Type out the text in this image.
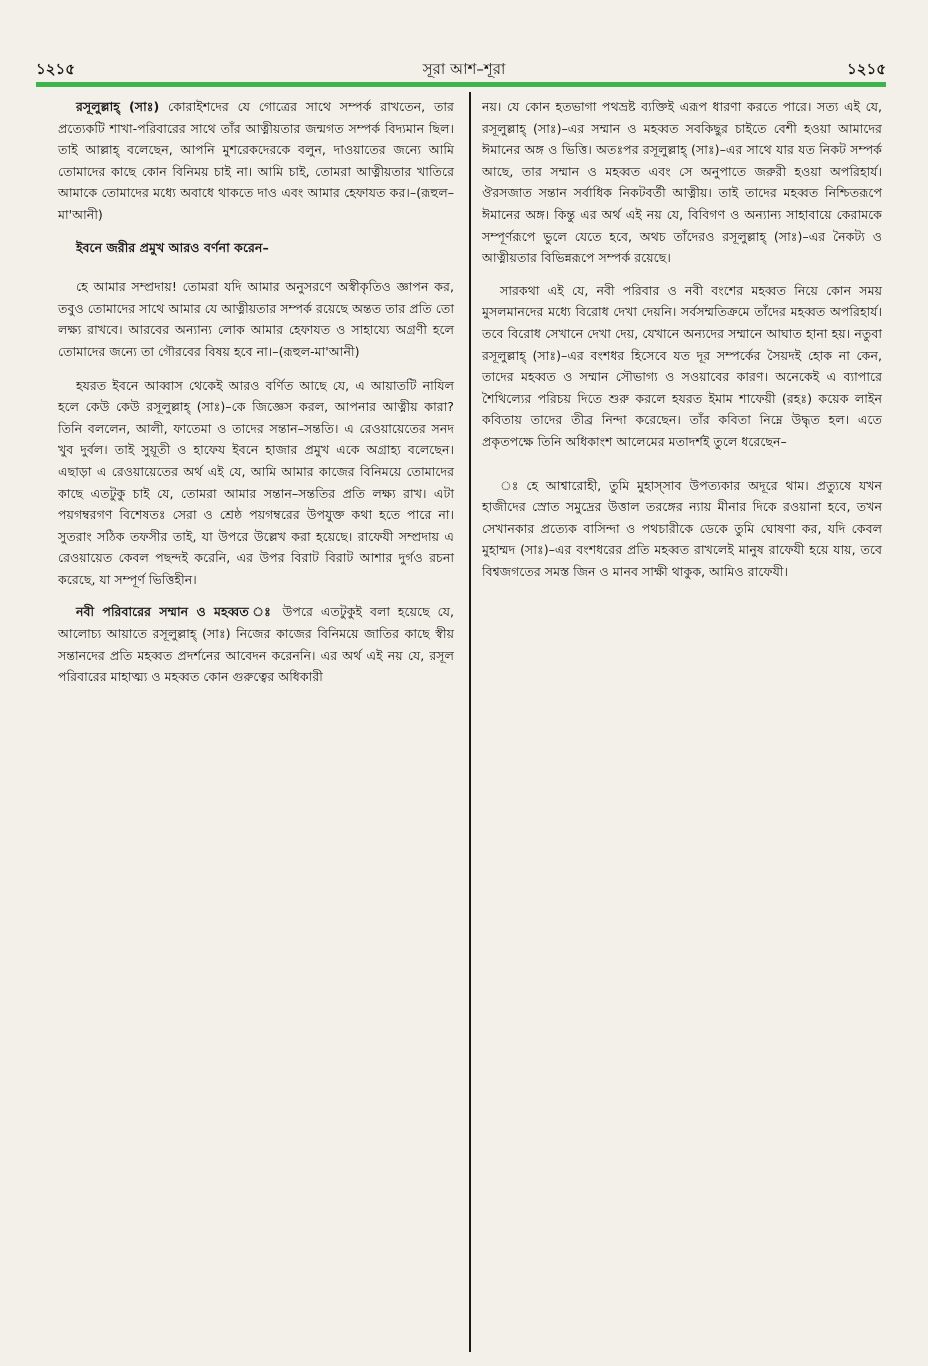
১২১৫	সূরা আশ–শূরা	১২১৫

রসূলুল্লাহ্ (সাঃ) কোরাইশদের যে গোত্রের সাথে সম্পর্ক রাখতেন, তার প্রত্যেকটি শাখা-পরিবারের সাথে তাঁর আত্নীয়তার জন্মগত সম্পর্ক বিদ্যমান ছিল। তাই আল্লাহ্ বলেছেন, আপনি মুশরেকদেরকে বলুন, দাওয়াতের জন্যে আমি তোমাদের কাছে কোন বিনিময় চাই না। আমি চাই, তোমরা আত্নীয়তার খাতিরে আমাকে তোমাদের মধ্যে অবাধে থাকতে দাও এবং আমার হেফাযত কর।–(রূহুল–মা'আনী)

ইবনে জরীর প্রমুখ আরও বর্ণনা করেন–

হে আমার সম্প্রদায়! তোমরা যদি আমার অনুসরণে অস্বীকৃতিও জ্ঞাপন কর, তবুও তোমাদের সাথে আমার যে আত্নীয়তার সম্পর্ক রয়েছে অন্তত তার প্রতি তো লক্ষ্য রাখবে। আরবের অন্যান্য লোক আমার হেফাযত ও সাহায্যে অগ্রণী হলে তোমাদের জন্যে তা গৌরবের বিষয় হবে না।–(রূহুল-মা'আনী)

হযরত ইবনে আব্বাস থেকেই আরও বর্ণিত আছে যে, এ আয়াতটি নাযিল হলে কেউ কেউ রসূলুল্লাহ্ (সাঃ)–কে জিজ্ঞেস করল, আপনার আত্নীয় কারা? তিনি বললেন, আলী, ফাতেমা ও তাদের সন্তান–সন্ততি। এ রেওয়ায়েতের সনদ খুব দুর্বল। তাই সুয়ূতী ও হাফেয ইবনে হাজার প্রমুখ একে অগ্রাহ্য বলেছেন। এছাড়া এ রেওয়ায়েতের অর্থ এই যে, আমি আমার কাজের বিনিময়ে তোমাদের কাছে এতটুকু চাই যে, তোমরা আমার সন্তান–সন্ততির প্রতি লক্ষ্য রাখ। এটা পয়গম্বরগণ বিশেষতঃ সেরা ও শ্রেষ্ঠ পয়গম্বরের উপযুক্ত কথা হতে পারে না। সুতরাং সঠিক তফসীর তাই, যা উপরে উল্লেখ করা হয়েছে। রাফেযী সম্প্রদায় এ রেওয়ায়েত কেবল পছন্দই করেনি, এর উপর বিরাট বিরাট আশার দুর্গও রচনা করেছে, যা সম্পূর্ণ ভিত্তিহীন।

নবী পরিবারের সম্মান ও মহব্বত ঃ উপরে এতটুকুই বলা হয়েছে যে, আলোচ্য আয়াতে রসূলুল্লাহ্ (সাঃ) নিজের কাজের বিনিময়ে জাতির কাছে স্বীয় সন্তানদের প্রতি মহব্বত প্রদর্শনের আবেদন করেননি। এর অর্থ এই নয় যে, রসূল পরিবারের মাহাত্ম্য ও মহব্বত কোন গুরুত্বের অধিকারী

নয়। যে কোন হতভাগা পথভ্রষ্ট ব্যক্তিই এরূপ ধারণা করতে পারে। সত্য এই যে, রসূলুল্লাহ্ (সাঃ)–এর সম্মান ও মহব্বত সবকিছুর চাইতে বেশী হওয়া আমাদের ঈমানের অঙ্গ ও ভিত্তি। অতঃপর রসূলুল্লাহ্ (সাঃ)–এর সাথে যার যত নিকট সম্পর্ক আছে, তার সম্মান ও মহব্বত এবং সে অনুপাতে জরুরী হওয়া অপরিহার্য। ঔরসজাত সন্তান সর্বাধিক নিকটবর্তী আত্নীয়। তাই তাদের মহব্বত নিশ্চিতরূপে ঈমানের অঙ্গ। কিন্তু এর অর্থ এই নয় যে, বিবিগণ ও অন্যান্য সাহাবায়ে কেরামকে সম্পূর্ণরূপে ভুলে যেতে হবে, অথচ তাঁদেরও রসূলুল্লাহ্ (সাঃ)–এর নৈকট্য ও আত্নীয়তার বিভিন্নরূপে সম্পর্ক রয়েছে।

সারকথা এই যে, নবী পরিবার ও নবী বংশের মহব্বত নিয়ে কোন সময় মুসলমানদের মধ্যে বিরোধ দেখা দেয়নি। সর্বসম্মতিক্রমে তাঁদের মহব্বত অপরিহার্য। তবে বিরোধ সেখানে দেখা দেয়, যেখানে অন্যদের সম্মানে আঘাত হানা হয়। নতুবা রসূলুল্লাহ্ (সাঃ)–এর বংশধর হিসেবে যত দূর সম্পর্কের সৈয়দই হোক না কেন, তাদের মহব্বত ও সম্মান সৌভাগ্য ও সওয়াবের কারণ। অনেকেই এ ব্যাপারে শৈথিল্যের পরিচয় দিতে শুরু করলে হযরত ইমাম শাফেয়ী (রহঃ) কয়েক লাইন কবিতায় তাদের তীব্র নিন্দা করেছেন। তাঁর কবিতা নিম্নে উদ্ধৃত হল। এতে প্রকৃতপক্ষে তিনি অধিকাংশ আলেমের মতাদর্শই তুলে ধরেছেন–

ঃ হে আশ্বারোহী, তুমি মুহাস্সাব উপত্যকার অদূরে থাম। প্রত্যুষে যখন হাজীদের স্রোত সমুদ্রের উত্তাল তরঙ্গের ন্যায় মীনার দিকে রওয়ানা হবে, তখন সেখানকার প্রত্যেক বাসিন্দা ও পথচারীকে ডেকে তুমি ঘোষণা কর, যদি কেবল মুহাম্মদ (সাঃ)–এর বংশধরের প্রতি মহব্বত রাখলেই মানুষ রাফেযী হয়ে যায়, তবে বিশ্বজগতের সমস্ত জিন ও মানব সাক্ষী থাকুক, আমিও রাফেযী।
